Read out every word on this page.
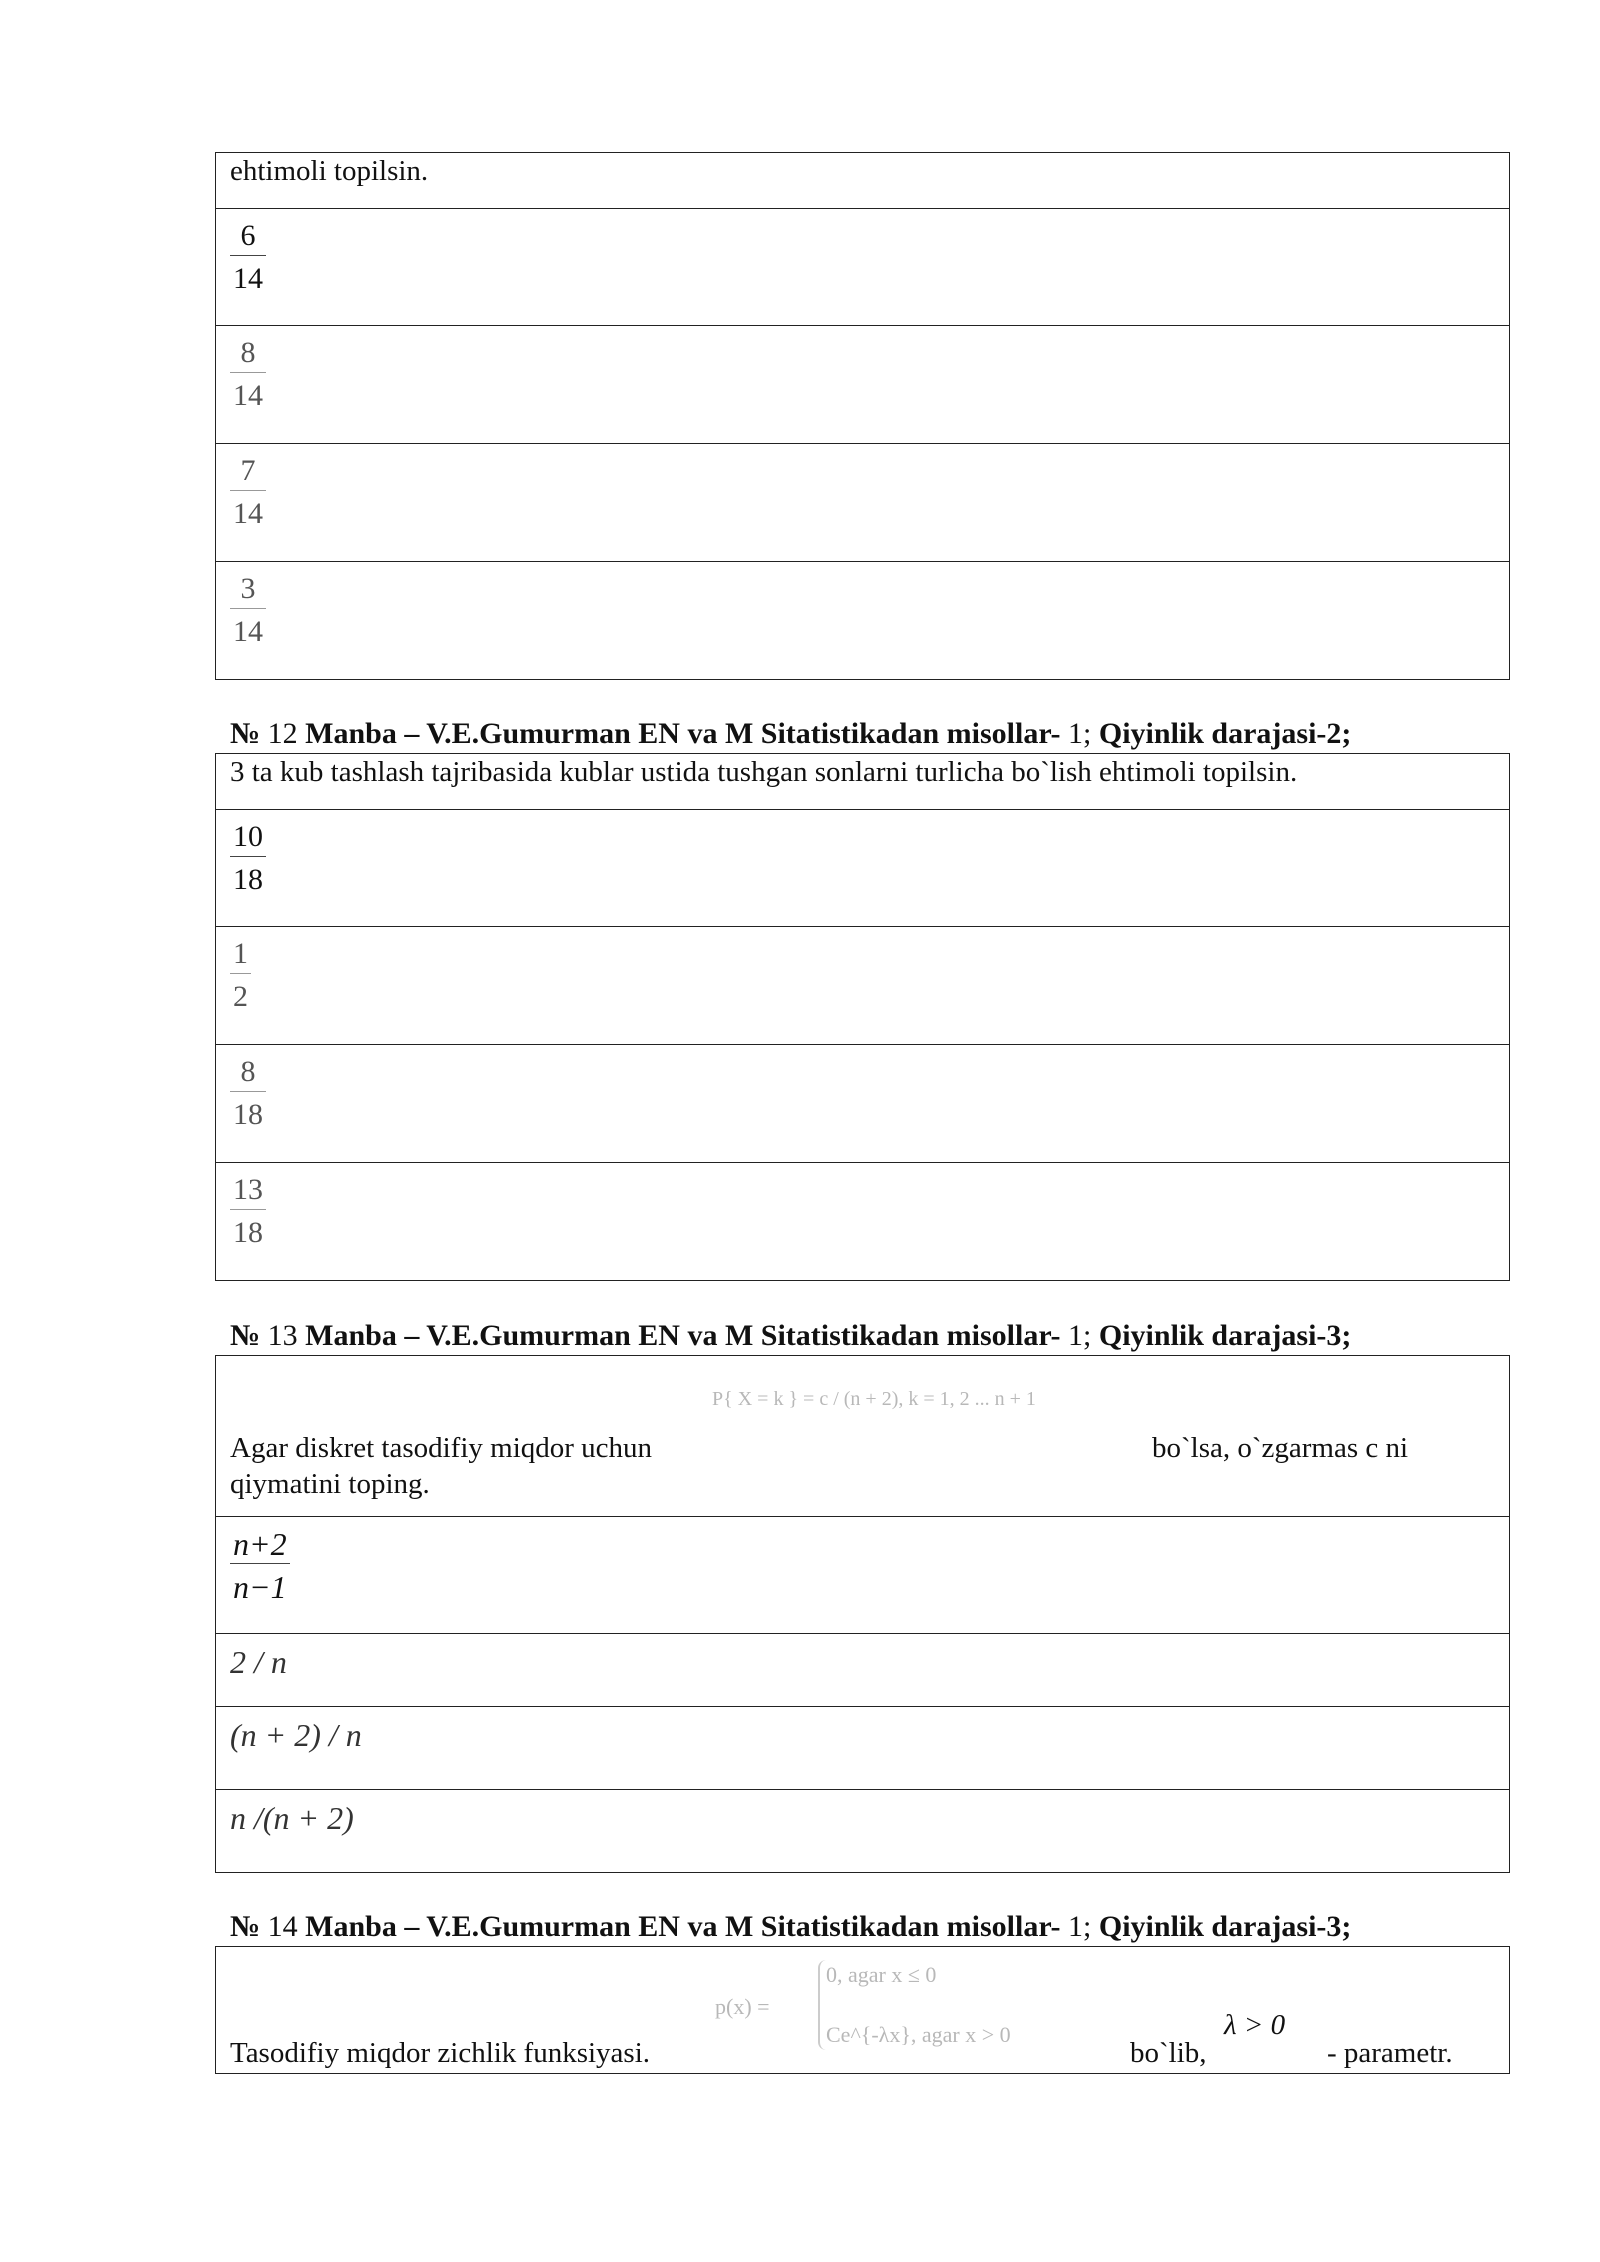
ehtimoli topilsin.

$\frac{6}{14}$

$\frac{8}{14}$

$\frac{7}{14}$

$\frac{3}{14}$
№ 12 Manba – V.E.Gumurman EN va M Sitatistikadan misollar- 1; Qiyinlik darajasi-2;
3 ta kub tashlash tajribasida kublar ustida tushgan sonlarni turlicha bo`lish ehtimoli topilsin.

$\frac{10}{18}$

$\frac{1}{2}$

$\frac{8}{18}$

$\frac{13}{18}$
№ 13 Manba – V.E.Gumurman EN va M Sitatistikadan misollar- 1; Qiyinlik darajasi-3;
Agar diskret tasodifiy miqdor uchun	bo`lsa, o`zgarmas c ni
qiymatini toping.

$\frac{n+2}{n-1}$

2 / n
(n + 2) / n
n /(n + 2)
P{ X = k } = c / (n + 2), k = 1, 2 ... n + 1
№ 14 Manba – V.E.Gumurman EN va M Sitatistikadan misollar- 1; Qiyinlik darajasi-3;
Tasodifiy miqdor zichlik funksiyasi.	bo`lib,	- parametr.
λ > 0
p(x) =
0, agar x ≤ 0
Ce^{-λx}, agar x > 0
